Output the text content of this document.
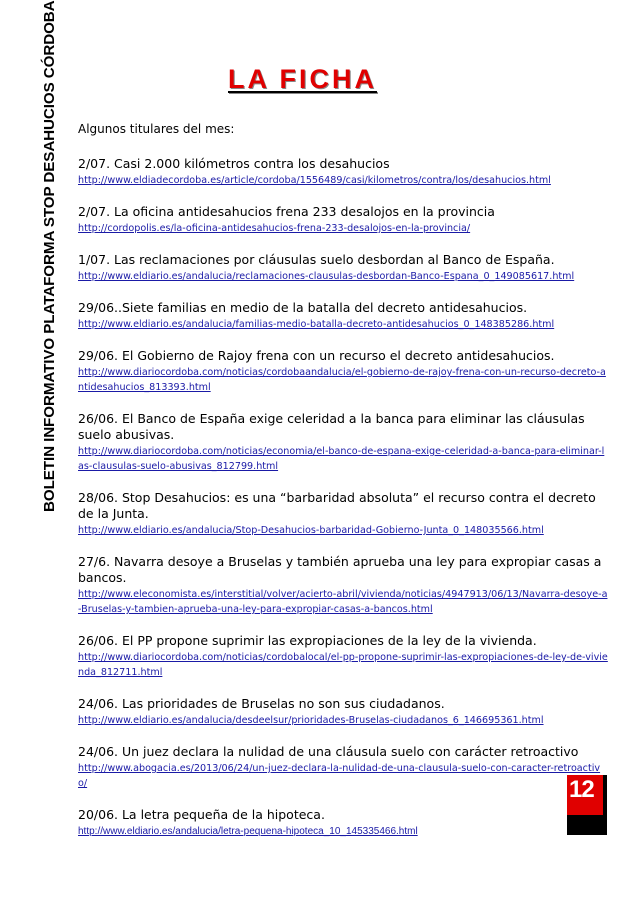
BOLETIN INFORMATIVO PLATAFORMA STOP DESAHUCIOS CÓRDOBA	LA FICHA
Algunos titulares del mes:
2/07. Casi 2.000 kilómetros contra los desahucios
http://www.eldiadecordoba.es/article/cordoba/1556489/casi/kilometros/contra/los/desahucios.html
2/07. La oficina antidesahucios frena 233 desalojos en la provincia
http://cordopolis.es/la-oficina-antidesahucios-frena-233-desalojos-en-la-provincia/
1/07. Las reclamaciones por cláusulas suelo desbordan al Banco de España.
http://www.eldiario.es/andalucia/reclamaciones-clausulas-desbordan-Banco-Espana_0_149085617.html
29/06..Siete familias en medio de la batalla del decreto antidesahucios.
http://www.eldiario.es/andalucia/familias-medio-batalla-decreto-antidesahucios_0_148385286.html
29/06. El Gobierno de Rajoy frena con un recurso el decreto antidesahucios.
http://www.diariocordoba.com/noticias/cordobaandalucia/el-gobierno-de-rajoy-frena-con-un-recurso-decreto-antidesahucios_813393.html
26/06. El Banco de España exige celeridad a la banca para eliminar las cláusulas suelo abusivas.
http://www.diariocordoba.com/noticias/economia/el-banco-de-espana-exige-celeridad-a-banca-para-eliminar-las-clausulas-suelo-abusivas_812799.html
28/06. Stop Desahucios: es una “barbaridad absoluta” el recurso contra el decreto de la Junta.
http://www.eldiario.es/andalucia/Stop-Desahucios-barbaridad-Gobierno-Junta_0_148035566.html
27/6. Navarra desoye a Bruselas y también aprueba una ley para expropiar casas a bancos.
http://www.eleconomista.es/interstitial/volver/acierto-abril/vivienda/noticias/4947913/06/13/Navarra-desoye-a-Bruselas-y-tambien-aprueba-una-ley-para-expropiar-casas-a-bancos.html
26/06. El PP propone suprimir las expropiaciones de la ley de la vivienda.
http://www.diariocordoba.com/noticias/cordobalocal/el-pp-propone-suprimir-las-expropiaciones-de-ley-de-vivienda_812711.html
24/06. Las prioridades de Bruselas no son sus ciudadanos.
http://www.eldiario.es/andalucia/desdeelsur/prioridades-Bruselas-ciudadanos_6_146695361.html
24/06. Un juez declara la nulidad de una cláusula suelo con carácter retroactivo
http://www.abogacia.es/2013/06/24/un-juez-declara-la-nulidad-de-una-clausula-suelo-con-caracter-retroactivo/
20/06. La letra pequeña de la hipoteca.
http://www.eldiario.es/andalucia/letra-pequena-hipoteca_10_145335466.html
12
